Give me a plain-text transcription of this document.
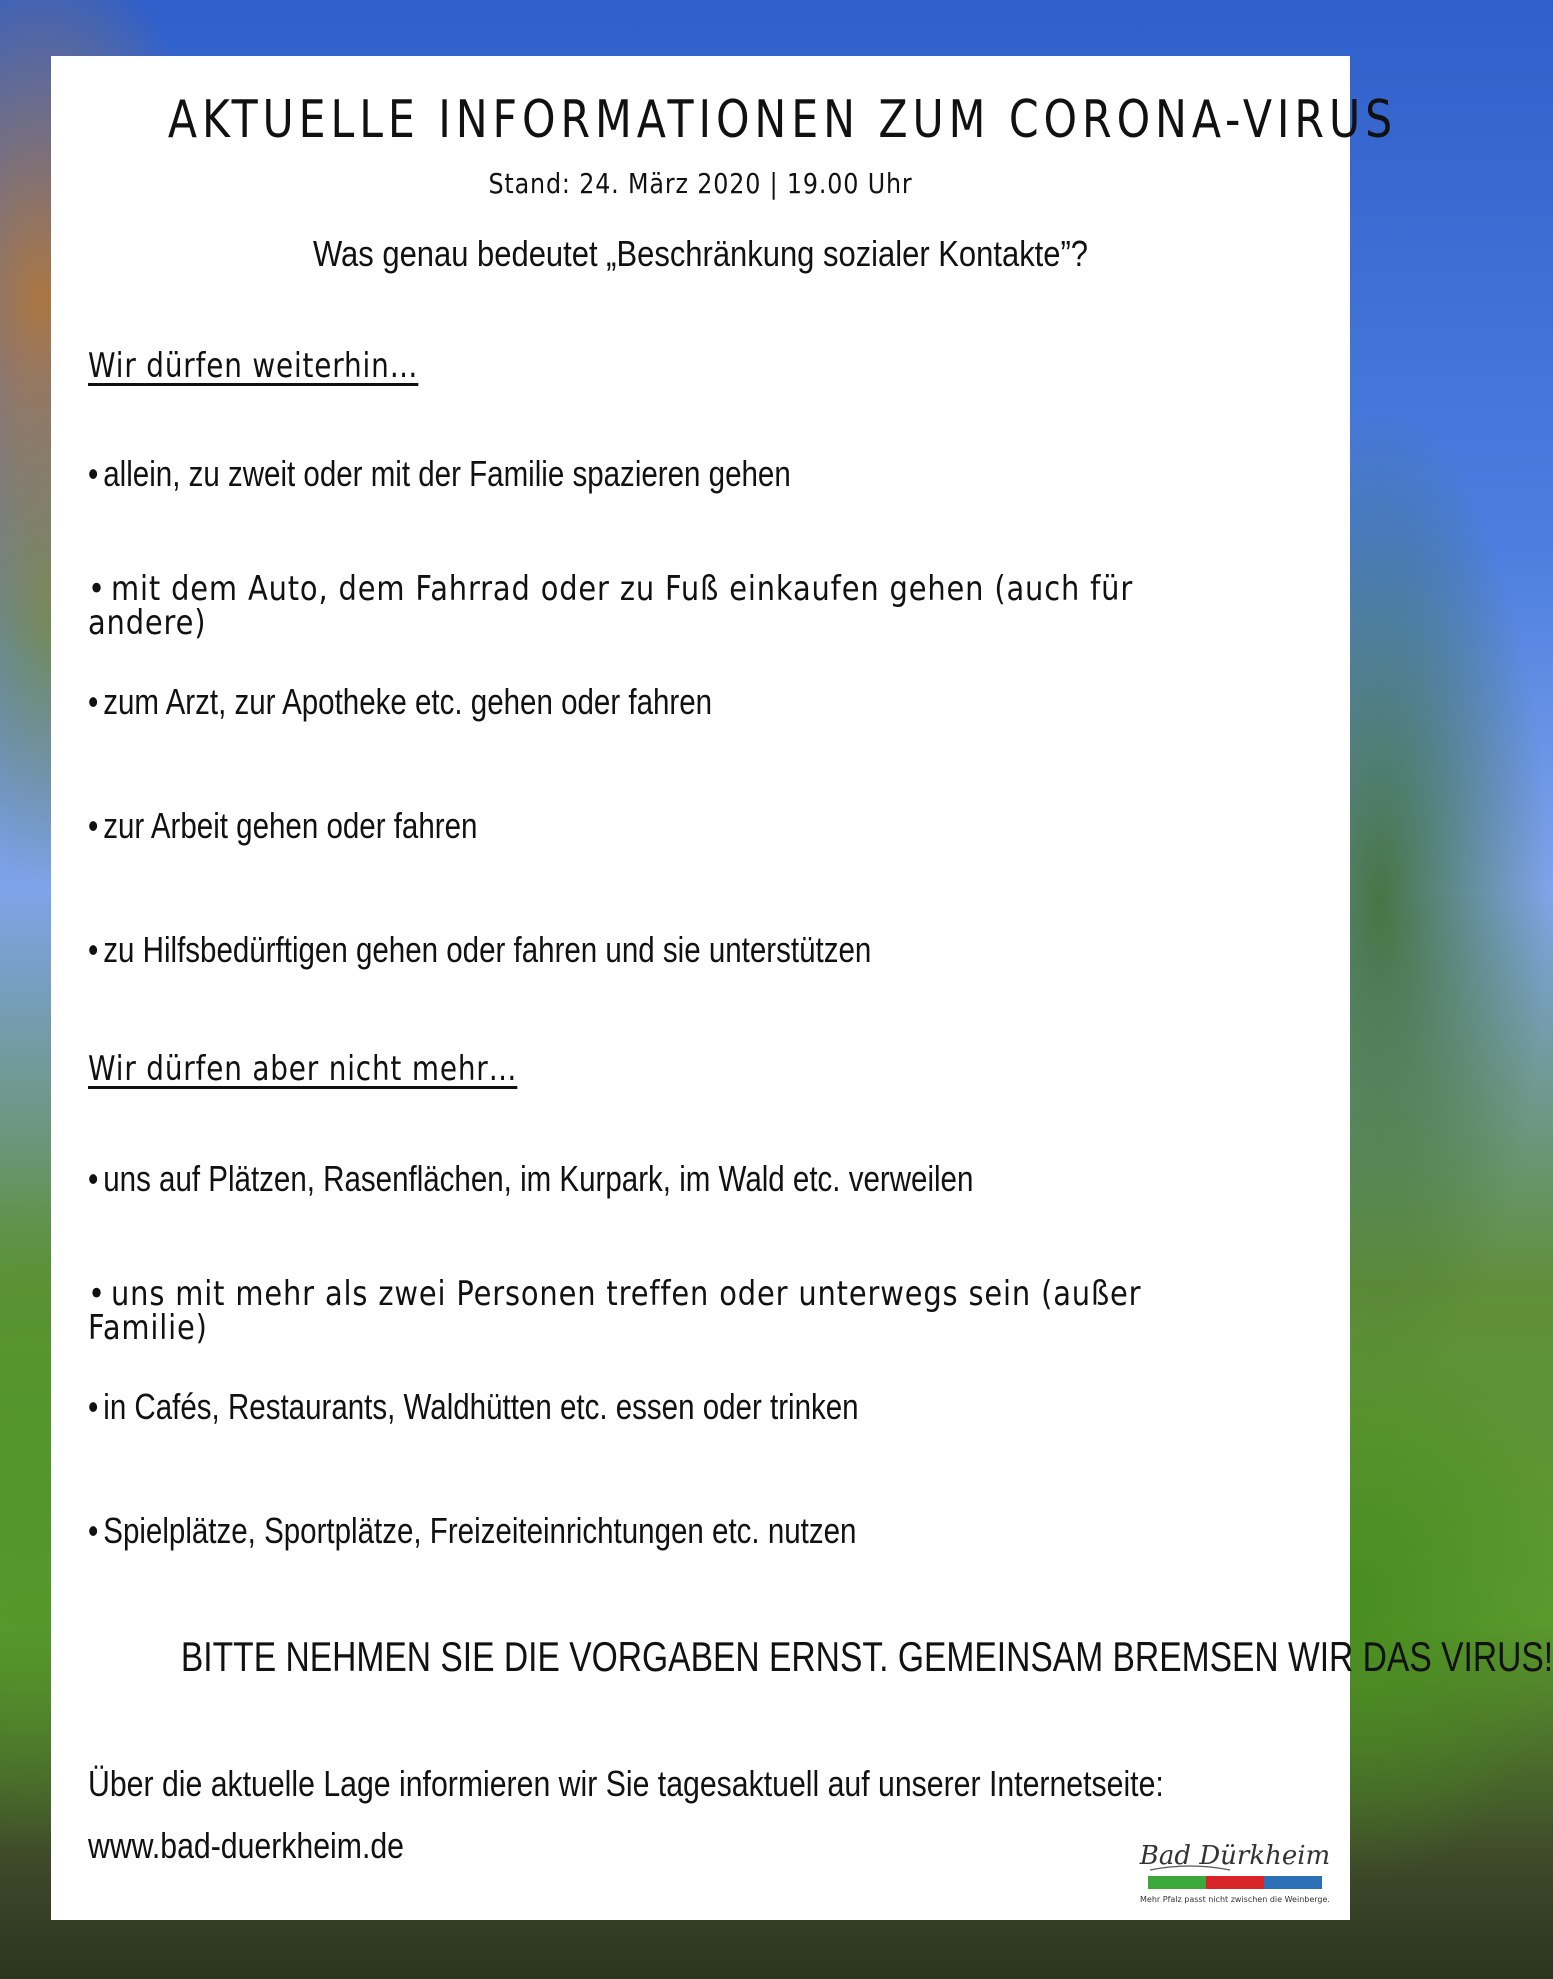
AKTUELLE INFORMATIONEN ZUM CORONA-VIRUS
Stand: 24. März 2020 | 19.00 Uhr
Was genau bedeutet „Beschränkung sozialer Kontakte”?
Wir dürfen weiterhin…
• allein, zu zweit oder mit der Familie spazieren gehen
• mit dem Auto, dem Fahrrad oder zu Fuß einkaufen gehen (auch für andere)
• zum Arzt, zur Apotheke etc. gehen oder fahren
• zur Arbeit gehen oder fahren
• zu Hilfsbedürftigen gehen oder fahren und sie unterstützen
Wir dürfen aber nicht mehr…
• uns auf Plätzen, Rasenflächen, im Kurpark, im Wald etc. verweilen
• uns mit mehr als zwei Personen treffen oder unterwegs sein (außer Familie)
• in Cafés, Restaurants, Waldhütten etc. essen oder trinken
• Spielplätze, Sportplätze, Freizeiteinrichtungen etc. nutzen
BITTE NEHMEN SIE DIE VORGABEN ERNST. GEMEINSAM BREMSEN WIR DAS VIRUS!
Über die aktuelle Lage informieren wir Sie tagesaktuell auf unserer Internetseite:
www.bad-duerkheim.de	Bad Dürkheim
Mehr Pfalz passt nicht zwischen die Weinberge.
